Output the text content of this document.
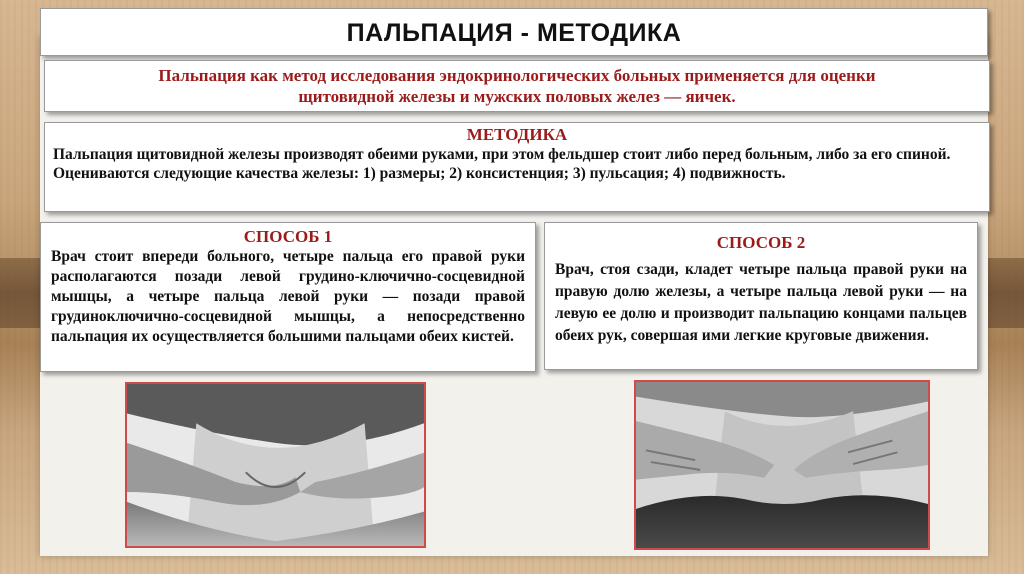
ПАЛЬПАЦИЯ - МЕТОДИКА
Пальпация как метод исследования эндокринологических больных применяется для оценки
щитовидной железы и мужских половых желез — яичек.
МЕТОДИКА
Пальпация щитовидной железы производят обеими руками, при этом фельдшер стоит либо перед больным, либо за его спиной.
Оцениваются следующие качества железы: 1) размеры; 2) консистенция; 3) пульсация; 4) подвижность.
СПОСОБ 1
Врач стоит впереди больного, четыре пальца его правой руки располагаются позади левой грудино-ключично-сосцевидной мышцы, а четыре пальца левой руки — позади правой грудиноключично-сосцевидной мышцы, а непосредственно пальпация их осуществляется большими пальцами обеих кистей.
СПОСОБ 2
Врач, стоя сзади, кладет четыре пальца правой руки на правую долю железы, а четыре пальца левой руки — на левую ее долю и производит пальпацию концами пальцев обеих рук, совершая ими легкие круговые движения.
